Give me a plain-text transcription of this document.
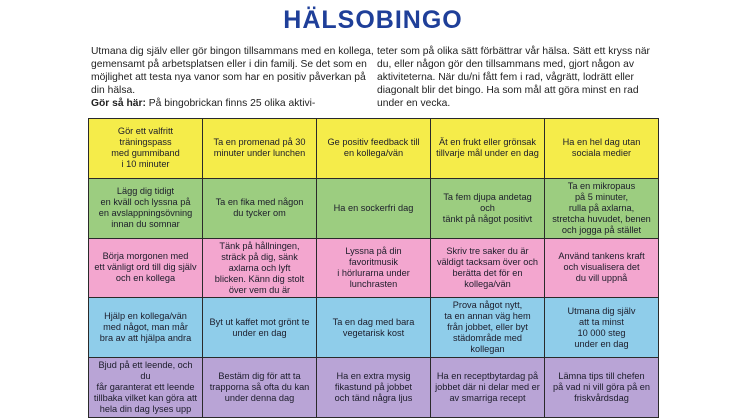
HÄLSOBINGO
Utmana dig själv eller gör bingon tillsammans med en kollega, gemensamt på arbetsplatsen eller i din familj. Se det som en möjlighet att testa nya vanor som har en positiv påverkan på din hälsa.
Gör så här: På bingobrickan finns 25 olika aktivi-
teter som på olika sätt förbättrar vår hälsa. Sätt ett kryss när du, eller någon gör den tillsammans med, gjort någon av aktiviteterna. När du/ni fått fem i rad, vågrätt, lodrätt eller diagonalt blir det bingo. Ha som mål att göra minst en rad under en vecka.
Gör ett valfritt
träningspass
med gummiband
i 10 minuter
Ta en promenad på 30
minuter under lunchen
Ge positiv feedback till
en kollega/vän
Ät en frukt eller grönsak
tillvarje mål under en dag
Ha en hel dag utan
sociala medier
Lägg dig tidigt
en kväll och lyssna på
en avslappningsövning
innan du somnar
Ta en fika med någon
du tycker om
Ha en sockerfri dag
Ta fem djupa andetag och
tänkt på något positivt
Ta en mikropaus
på 5 minuter,
rulla på axlarna,
stretcha huvudet, benen
och jogga på stället
Börja morgonen med
ett vänligt ord till dig själv
och en kollega
Tänk på hållningen,
sträck på dig, sänk
axlarna och lyft
blicken. Känn dig stolt
över vem du är
Lyssna på din favoritmusik
i hörlurarna under
lunchrasten
Skriv tre saker du är
väldigt tacksam över och
berätta det för en
kollega/vän
Använd tankens kraft
och visualisera det
du vill uppnå
Hjälp en kollega/vän
med något, man mår
bra av att hjälpa andra
Byt ut kaffet mot grönt te
under en dag
Ta en dag med bara
vegetarisk kost
Prova något nytt,
ta en annan väg hem
från jobbet, eller byt
städområde med
kollegan
Utmana dig själv
att ta minst
10 000 steg
under en dag
Bjud på ett leende, och du
får garanterat ett leende
tillbaka vilket kan göra att
hela din dag lyses upp
Bestäm dig för att ta
trapporna så ofta du kan
under denna dag
Ha en extra mysig
fikastund på jobbet
och tänd några ljus
Ha en receptbytardag på
jobbet där ni delar med er
av smarriga recept
Lämna tips till chefen
på vad ni vill göra på en
friskvårdsdag
